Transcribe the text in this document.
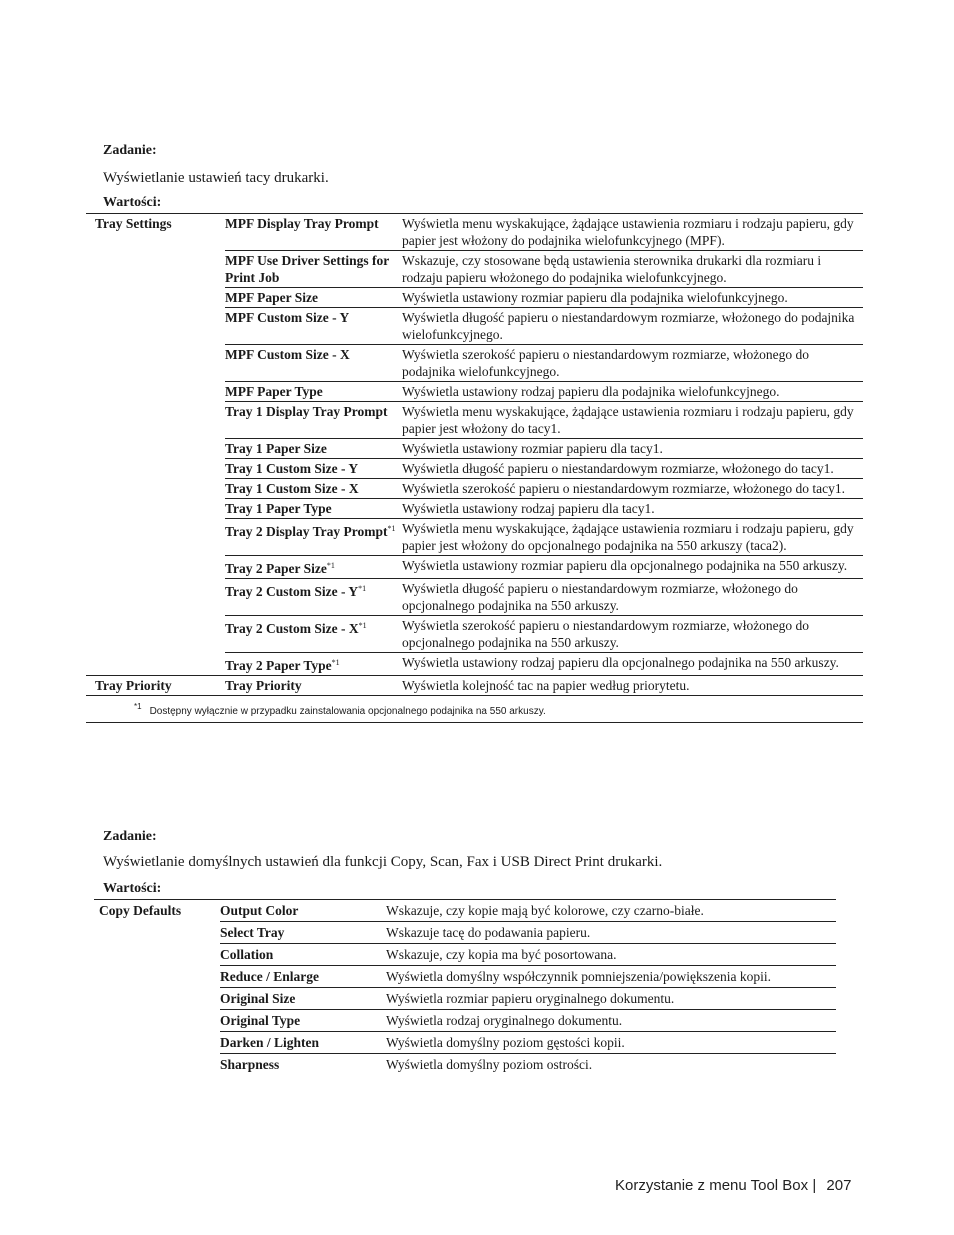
Zadanie:
Wyświetlanie ustawień tacy drukarki.
Wartości:
Tray Settings	MPF Display Tray Prompt	Wyświetla menu wyskakujące, żądające ustawienia rozmiaru i rodzaju papieru, gdy papier jest włożony do podajnika wielofunkcyjnego (MPF).
	MPF Use Driver Settings for Print Job	Wskazuje, czy stosowane będą ustawienia sterownika drukarki dla rozmiaru i rodzaju papieru włożonego do podajnika wielofunkcyjnego.
	MPF Paper Size	Wyświetla ustawiony rozmiar papieru dla podajnika wielofunkcyjnego.
	MPF Custom Size - Y	Wyświetla długość papieru o niestandardowym rozmiarze, włożonego do podajnika wielofunkcyjnego.
	MPF Custom Size - X	Wyświetla szerokość papieru o niestandardowym rozmiarze, włożonego do podajnika wielofunkcyjnego.
	MPF Paper Type	Wyświetla ustawiony rodzaj papieru dla podajnika wielofunkcyjnego.
	Tray 1 Display Tray Prompt	Wyświetla menu wyskakujące, żądające ustawienia rozmiaru i rodzaju papieru, gdy papier jest włożony do tacy1.
	Tray 1 Paper Size	Wyświetla ustawiony rozmiar papieru dla tacy1.
	Tray 1 Custom Size - Y	Wyświetla długość papieru o niestandardowym rozmiarze, włożonego do tacy1.
	Tray 1 Custom Size - X	Wyświetla szerokość papieru o niestandardowym rozmiarze, włożonego do tacy1.
	Tray 1 Paper Type	Wyświetla ustawiony rodzaj papieru dla tacy1.
	Tray 2 Display Tray Prompt$^{*1}$	Wyświetla menu wyskakujące, żądające ustawienia rozmiaru i rodzaju papieru, gdy papier jest włożony do opcjonalnego podajnika na 550 arkuszy (taca2).
	Tray 2 Paper Size$^{*1}$	Wyświetla ustawiony rozmiar papieru dla opcjonalnego podajnika na 550 arkuszy.
	Tray 2 Custom Size - $Y^{*1}$	Wyświetla długość papieru o niestandardowym rozmiarze, włożonego do opcjonalnego podajnika na 550 arkuszy.
	Tray 2 Custom Size - $X^{*1}$	Wyświetla szerokość papieru o niestandardowym rozmiarze, włożonego do opcjonalnego podajnika na 550 arkuszy.
	Tray 2 Paper Type$^{*1}$	Wyświetla ustawiony rodzaj papieru dla opcjonalnego podajnika na 550 arkuszy.
Tray Priority	Tray Priority	Wyświetla kolejność tac na papier według priorytetu.
$^{*1}$ Dostępny wyłącznie w przypadku zainstalowania opcjonalnego podajnika na 550 arkuszy.		
Zadanie:
Wyświetlanie domyślnych ustawień dla funkcji Copy, Scan, Fax i USB Direct Print drukarki.
Wartości:
Copy Defaults	Output Color	Wskazuje, czy kopie mają być kolorowe, czy czarno-białe.
	Select Tray	Wskazuje tacę do podawania papieru.
	Collation	Wskazuje, czy kopia ma być posortowana.
	Reduce / Enlarge	Wyświetla domyślny współczynnik pomniejszenia/powiększenia kopii.
	Original Size	Wyświetla rozmiar papieru oryginalnego dokumentu.
	Original Type	Wyświetla rodzaj oryginalnego dokumentu.
	Darken / Lighten	Wyświetla domyślny poziom gęstości kopii.
	Sharpness	Wyświetla domyślny poziom ostrości.
Korzystanie z menu Tool Box | 207
